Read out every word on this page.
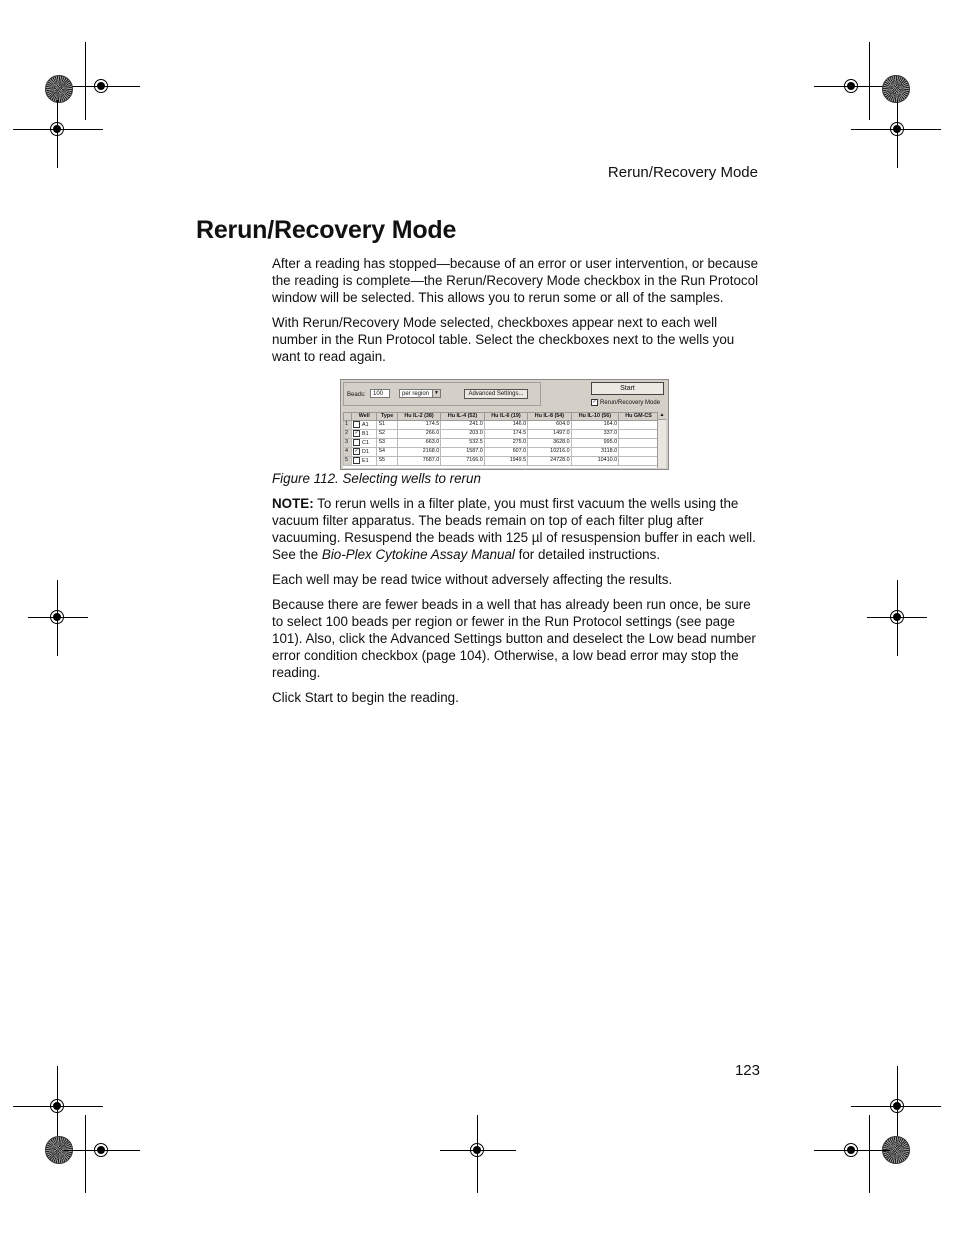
Rerun/Recovery Mode
Rerun/Recovery Mode

After a reading has stopped—because of an error or user intervention, or because the reading is complete—the Rerun/Recovery Mode checkbox in the Run Protocol window will be selected. This allows you to rerun some or all of the samples.

With Rerun/Recovery Mode selected, checkboxes appear next to each well number in the Run Protocol table. Select the checkboxes next to the wells you want to read again.

Beads:	100	per region ▼	Advanced Settings...
Start
✓ Rerun/Recovery Mode
	Well	Type	Hu IL-2 (38)	Hu IL-4 (52)	Hu IL-6 (19)	Hu IL-8 (54)	Hu IL-10 (56)	Hu GM-CS
1	A1	S1	174.5	241.0	146.0	604.0	164.0	
2	✓ B1	S2	266.0	203.0	174.5	1497.0	337.0	
3	C1	S3	663.0	532.5	275.0	3628.0	995.0	
4	✓ D1	S4	2168.0	1587.0	607.0	10216.0	3118.0	
5	E1	S5	7687.0	7166.0	1949.5	24728.0	10410.0	
▲

Figure 112. Selecting wells to rerun

NOTE: To rerun wells in a filter plate, you must first vacuum the wells using the vacuum filter apparatus. The beads remain on top of each filter plug after vacuuming. Resuspend the beads with 125 µl of resuspension buffer in each well. See the Bio-Plex Cytokine Assay Manual for detailed instructions.

Each well may be read twice without adversely affecting the results.

Because there are fewer beads in a well that has already been run once, be sure to select 100 beads per region or fewer in the Run Protocol settings (see page 101). Also, click the Advanced Settings button and deselect the Low bead number error condition checkbox (page 104). Otherwise, a low bead error may stop the reading.

Click Start to begin the reading.

123
